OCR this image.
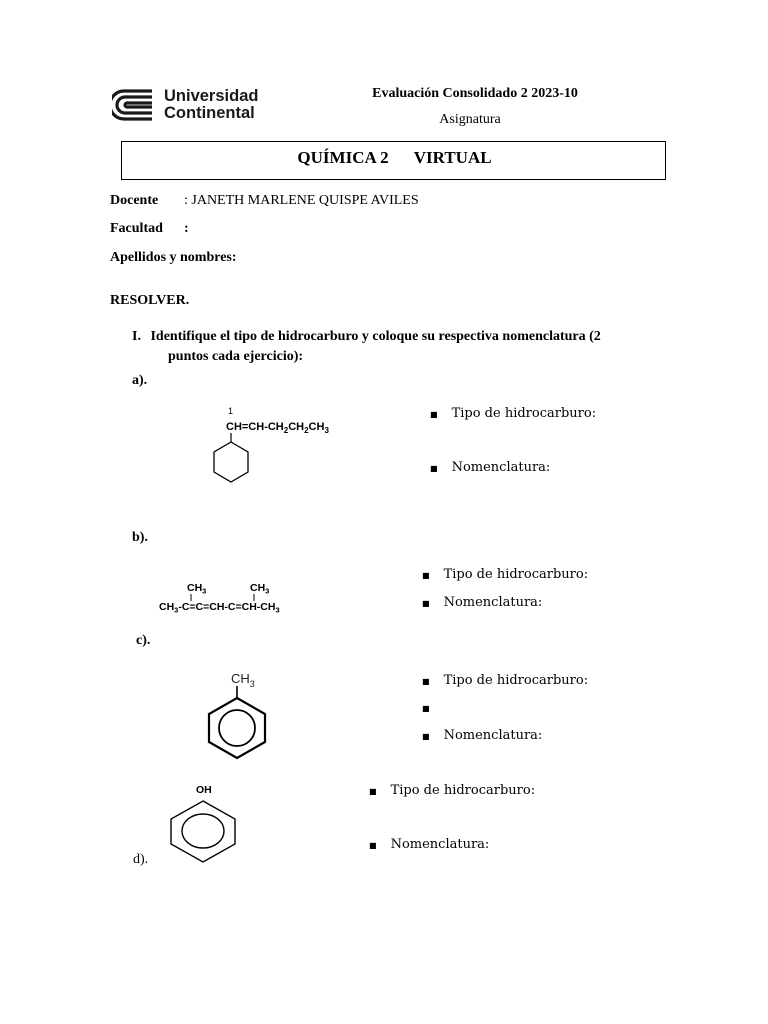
Universidad
Continental
Evaluación Consolidado 2 2023-10
Asignatura
QUÍMICA 2      VIRTUAL
Docente : JANETH MARLENE QUISPE AVILES
Facultad :
Apellidos y nombres:
RESOLVER.
I. Identifique el tipo de hidrocarburo y coloque su respectiva nomenclatura (2
puntos cada ejercicio):
a).
1
$CH=CH-CH_2CH_2CH_3$
■ Tipo de hidrocarburo:
■ Nomenclatura:
b).
$CH_3$	$CH_3$
$CH_3-C=C=CH-C=CH-CH_3$
■ Tipo de hidrocarburo:
■ Nomenclatura:
c).
$CH_3$	■ Tipo de hidrocarburo:
■
■ Nomenclatura:
OH
d).
■ Tipo de hidrocarburo:
■ Nomenclatura:
